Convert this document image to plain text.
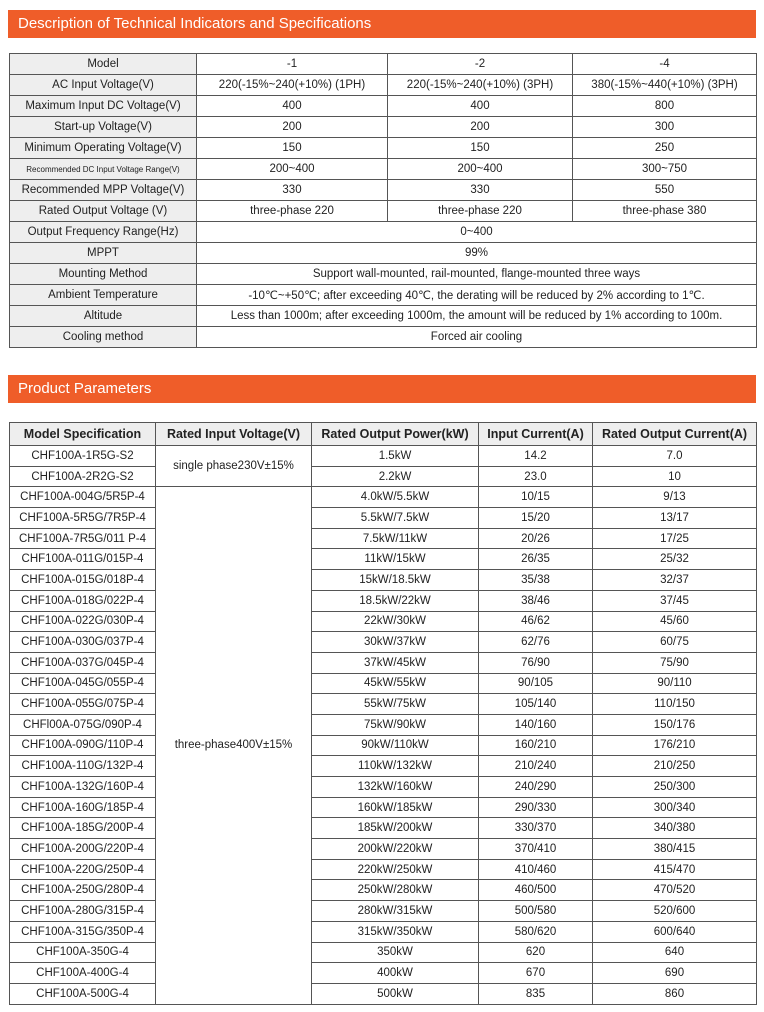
Description of Technical Indicators and Specifications
Model	-1	-2	-4
AC Input Voltage(V)	220(-15%~240(+10%) (1PH)	220(-15%~240(+10%) (3PH)	380(-15%~440(+10%) (3PH)
Maximum Input DC Voltage(V)	400	400	800
Start-up Voltage(V)	200	200	300
Minimum Operating Voltage(V)	150	150	250
Recommended DC Input Voltage Range(V)	200~400	200~400	300~750
Recommended MPP Voltage(V)	330	330	550
Rated Output Voltage (V)	three-phase 220	three-phase 220	three-phase 380
Output Frequency Range(Hz)	0~400		
MPPT	99%		
Mounting Method	Support wall-mounted, rail-mounted, flange-mounted three ways		
Ambient Temperature	-10℃~+50℃; after exceeding 40℃, the derating will be reduced by 2% according to 1℃.		
Altitude	Less than 1000m; after exceeding 1000m, the amount will be reduced by 1% according to 100m.		
Cooling method	Forced air cooling		
Product Parameters
Model Specification	Rated Input Voltage(V)	Rated Output Power(kW)	Input Current(A)	Rated Output Current(A)
CHF100A-1R5G-S2	single phase230V±15%	1.5kW	14.2	7.0
CHF100A-2R2G-S2		2.2kW	23.0	10
CHF100A-004G/5R5P-4	three-phase400V±15%	4.0kW/5.5kW	10/15	9/13
CHF100A-5R5G/7R5P-4		5.5kW/7.5kW	15/20	13/17
CHF100A-7R5G/011 P-4		7.5kW/11kW	20/26	17/25
CHF100A-011G/015P-4		11kW/15kW	26/35	25/32
CHF100A-015G/018P-4		15kW/18.5kW	35/38	32/37
CHF100A-018G/022P-4		18.5kW/22kW	38/46	37/45
CHF100A-022G/030P-4		22kW/30kW	46/62	45/60
CHF100A-030G/037P-4		30kW/37kW	62/76	60/75
CHF100A-037G/045P-4		37kW/45kW	76/90	75/90
CHF100A-045G/055P-4		45kW/55kW	90/105	90/110
CHF100A-055G/075P-4		55kW/75kW	105/140	110/150
CHFl00A-075G/090P-4		75kW/90kW	140/160	150/176
CHF100A-090G/110P-4		90kW/110kW	160/210	176/210
CHF100A-110G/132P-4		110kW/132kW	210/240	210/250
CHF100A-132G/160P-4		132kW/160kW	240/290	250/300
CHF100A-160G/185P-4		160kW/185kW	290/330	300/340
CHF100A-185G/200P-4		185kW/200kW	330/370	340/380
CHF100A-200G/220P-4		200kW/220kW	370/410	380/415
CHF100A-220G/250P-4		220kW/250kW	410/460	415/470
CHF100A-250G/280P-4		250kW/280kW	460/500	470/520
CHF100A-280G/315P-4		280kW/315kW	500/580	520/600
CHF100A-315G/350P-4		315kW/350kW	580/620	600/640
CHF100A-350G-4		350kW	620	640
CHF100A-400G-4		400kW	670	690
CHF100A-500G-4		500kW	835	860
